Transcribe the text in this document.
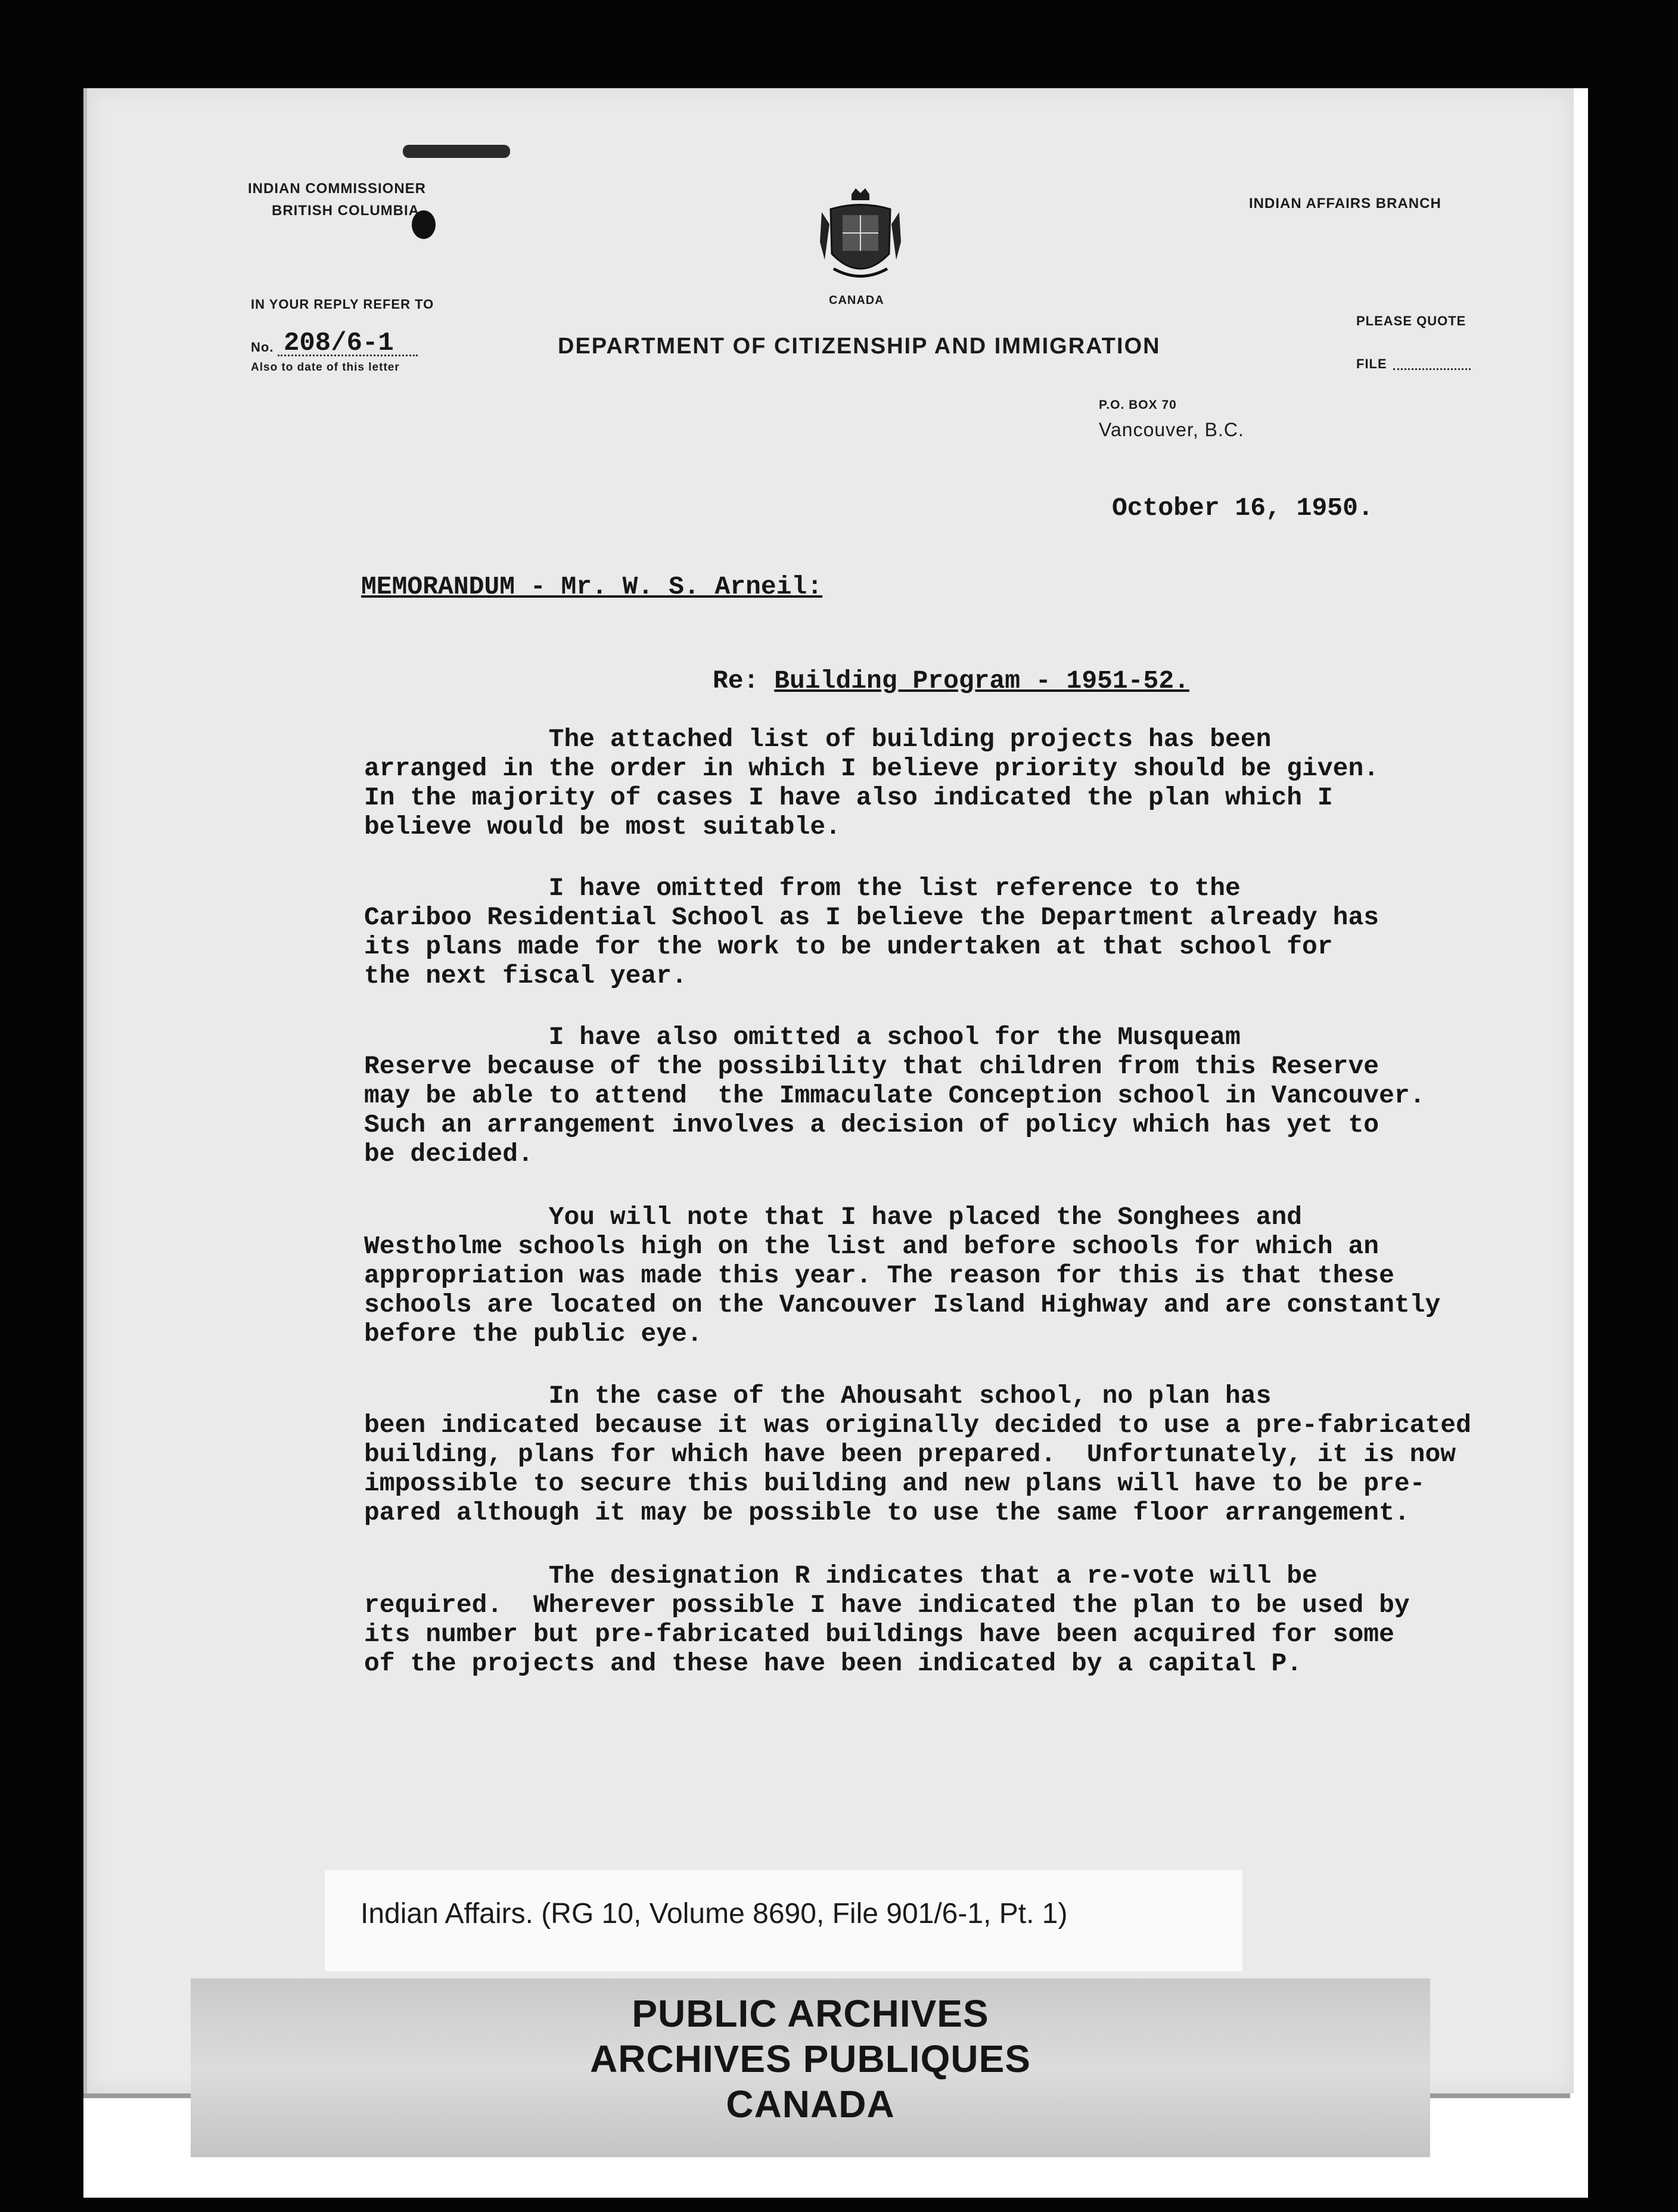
INDIAN COMMISSIONER
BRITISH COLUMBIA	INDIAN AFFAIRS BRANCH
CANADA
IN YOUR REPLY REFER TO
No. 208/6-1
Also to date of this letter
DEPARTMENT OF CITIZENSHIP AND IMMIGRATION
PLEASE QUOTE
FILE
P.O. BOX 70
Vancouver, B.C.
October 16, 1950.
MEMORANDUM - Mr. W. S. Arneil:
Re: Building Program - 1951-52.
The attached list of building projects has been
arranged in the order in which I believe priority should be given.
In the majority of cases I have also indicated the plan which I
believe would be most suitable.
I have omitted from the list reference to the
Cariboo Residential School as I believe the Department already has
its plans made for the work to be undertaken at that school for
the next fiscal year.
I have also omitted a school for the Musqueam
Reserve because of the possibility that children from this Reserve
may be able to attend  the Immaculate Conception school in Vancouver.
Such an arrangement involves a decision of policy which has yet to
be decided.
You will note that I have placed the Songhees and
Westholme schools high on the list and before schools for which an
appropriation was made this year. The reason for this is that these
schools are located on the Vancouver Island Highway and are constantly
before the public eye.
In the case of the Ahousaht school, no plan has
been indicated because it was originally decided to use a pre-fabricated
building, plans for which have been prepared.  Unfortunately, it is now
impossible to secure this building and new plans will have to be pre-
pared although it may be possible to use the same floor arrangement.
The designation R indicates that a re-vote will be
required.  Wherever possible I have indicated the plan to be used by
its number but pre-fabricated buildings have been acquired for some
of the projects and these have been indicated by a capital P.
Indian Affairs. (RG 10, Volume 8690, File 901/6-1, Pt. 1)
PUBLIC ARCHIVES
ARCHIVES PUBLIQUES
CANADA
